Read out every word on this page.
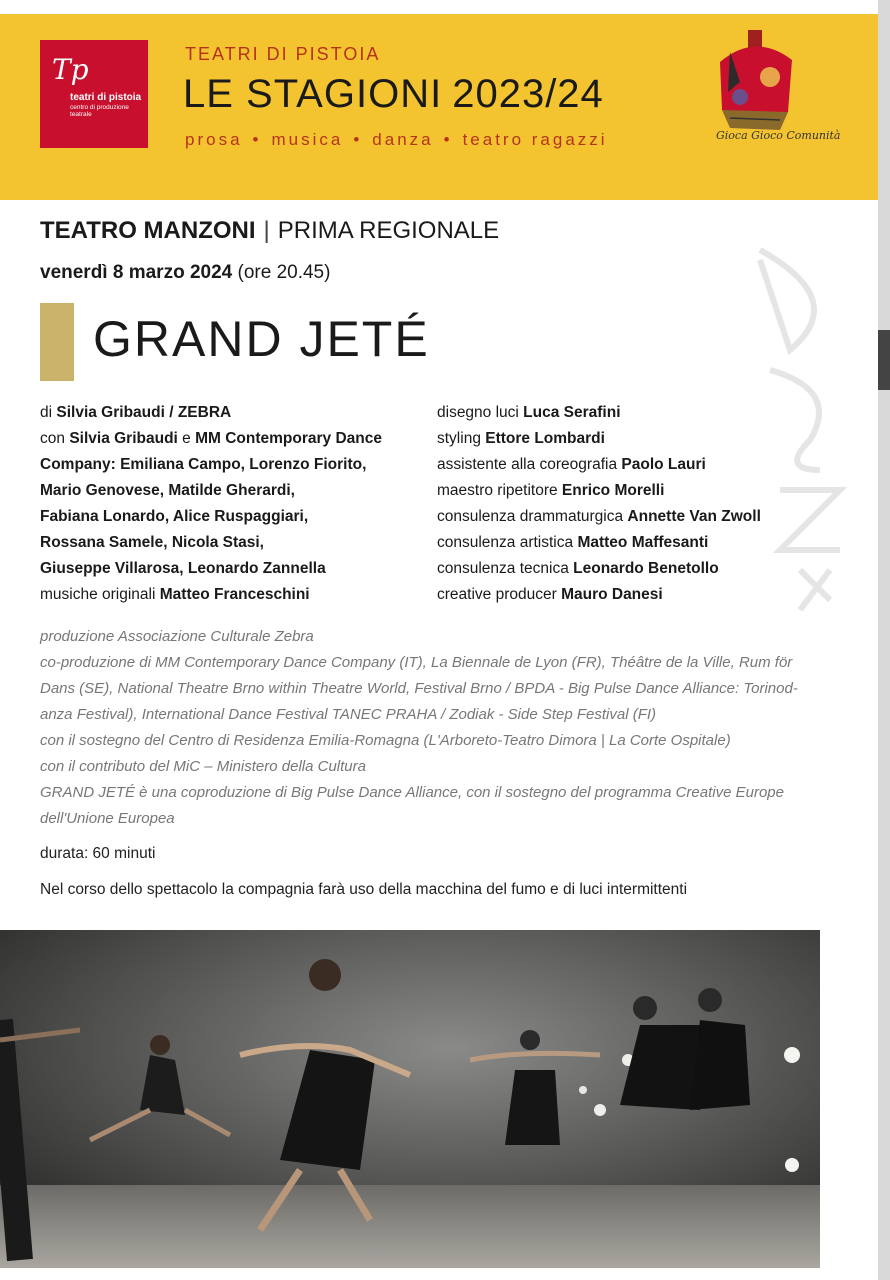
Tp
teatri di pistoia
centro di produzione teatrale
TEATRI DI PISTOIA
LE STAGIONI 2023/24
prosa • musica • danza • teatro ragazzi	Gioca Gioco Comunità
TEATRO MANZONI | PRIMA REGIONALE
venerdì 8 marzo 2024 (ore 20.45)
GRAND JETÉ

di Silvia Gribaudi / ZEBRA

con Silvia Gribaudi e MM Contemporary Dance

Company: Emiliana Campo, Lorenzo Fiorito,

Mario Genovese, Matilde Gherardi,

Fabiana Lonardo, Alice Ruspaggiari,

Rossana Samele, Nicola Stasi,

Giuseppe Villarosa, Leonardo Zannella

musiche originali Matteo Franceschini

disegno luci Luca Serafini

styling Ettore Lombardi

assistente alla coreografia Paolo Lauri

maestro ripetitore Enrico Morelli

consulenza drammaturgica Annette Van Zwoll

consulenza artistica Matteo Maffesanti

consulenza tecnica Leonardo Benetollo

creative producer Mauro Danesi

produzione Associazione Culturale Zebra

co-produzione di MM Contemporary Dance Company (IT), La Biennale de Lyon (FR), Théâtre de la Ville, Rum för

Dans (SE), National Theatre Brno within Theatre World, Festival Brno / BPDA - Big Pulse Dance Alliance: Torinod-

anza Festival), International Dance Festival TANEC PRAHA / Zodiak - Side Step Festival (FI)

con il sostegno del Centro di Residenza Emilia-Romagna (L'Arboreto-Teatro Dimora | La Corte Ospitale)

con il contributo del MiC – Ministero della Cultura

GRAND JETÉ è una coproduzione di Big Pulse Dance Alliance, con il sostegno del programma Creative Europe

dell'Unione Europea

durata: 60 minuti
Nel corso dello spettacolo la compagnia farà uso della macchina del fumo e di luci intermittenti
